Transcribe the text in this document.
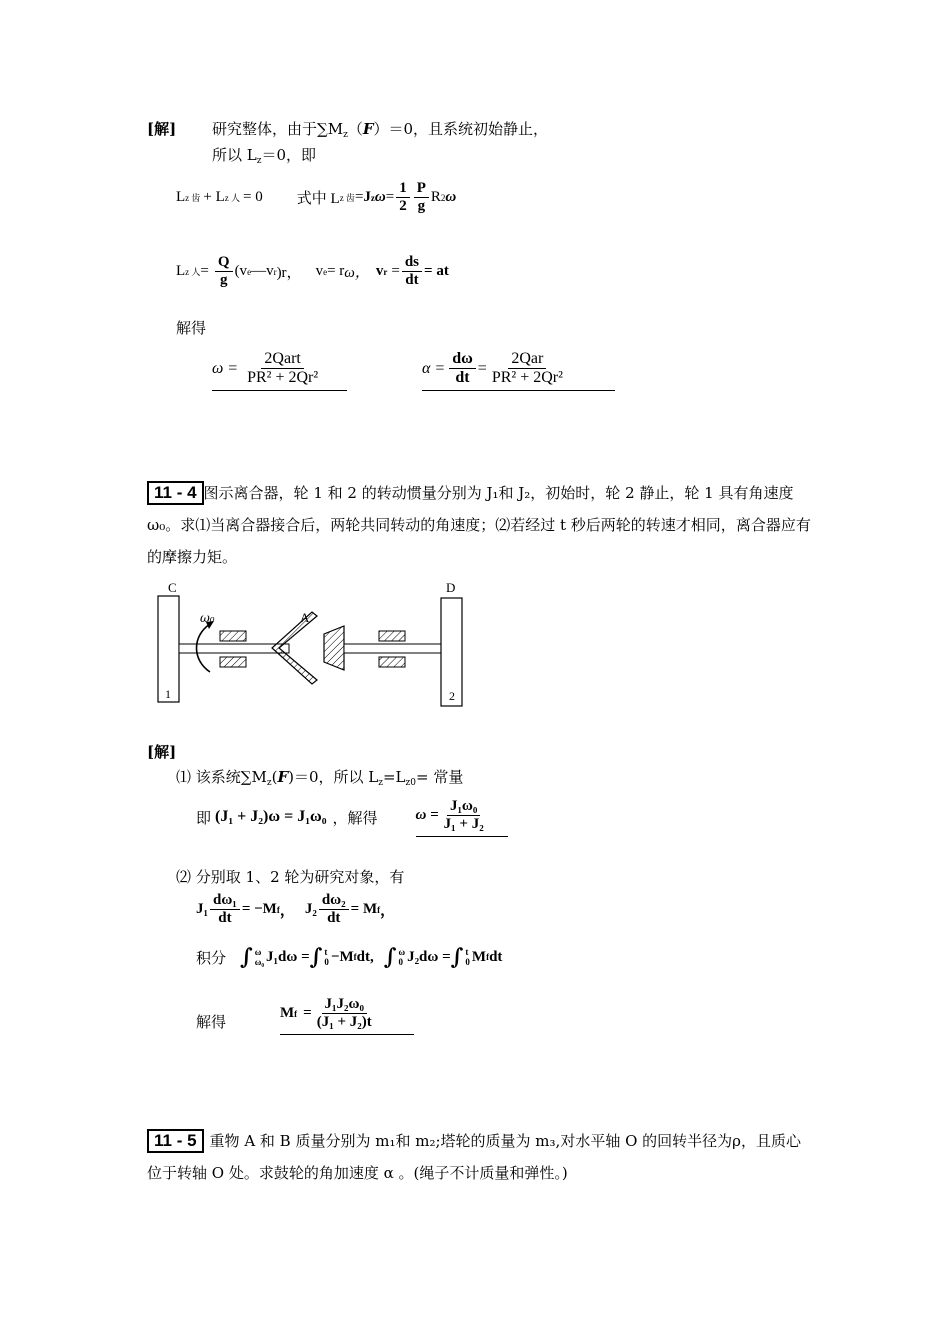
[解] 研究整体，由于$\sum M_z(F)=0$，且系统初始静止，
所以 $L_z=0$，即
L z 齿 + L z 人 = 0 式中 L z 齿 = J z $\omega = \frac{1}{2} \frac{P}{g}$ R 2 ω
L z 人 = $\frac{Q}{g} (v$ e —v r )r， v e = r ω， v $r = \frac{ds}{dt}$ = at
解得
$\omega = \frac{\text{2Qart}}{\text{PR² + 2Qr²}}$	$\alpha = \frac{d\omega}{dt} = \frac{\text{2Qar}}{\text{PR² + 2Qr²}}$
11 - 4 图示离合器，轮 1 和 2 的转动惯量分别为 J₁和 J₂，初始时，轮 2 静止，轮 1 具有角速度ω₀。求⑴当离合器接合后，两轮共同转动的角速度；⑵若经过 t 秒后两轮的转速才相同，离合器应有的摩擦力矩。
C	D
A
1	2
ω₀
[解]
⑴ 该系统$\sum M_z(F)=0$，所以 $L_z=L_{z0}=$ 常量
即 (J₁ + J₂)ω = J₁ω₀ ，解得	$\omega = \frac{\text{J₁ω₀}}{\text{J₁ + J₂}}$
⑵ 分别取 1、2 轮为研究对象，有
$J_1 \frac{\text{dω₁}}{dt} = -M$ f ， $J_2 \frac{\text{dω₂}}{dt} = M$ f ，
积分 ∫ ω
ω₀ J₁dω = ∫ t
0 −M f dt, ∫ ω
0 J₂dω = ∫ t
0 M f dt
解得	M $f = \frac{\text{J₁J₂ω₀}}{\text{(J₁ + J₂)t}}$
11 - 5 重物 A 和 B 质量分别为 m₁和 m₂;塔轮的质量为 m₃,对水平轴 O 的回转半径为ρ，且质心位于转轴 O 处。求鼓轮的角加速度 α 。(绳子不计质量和弹性。)
